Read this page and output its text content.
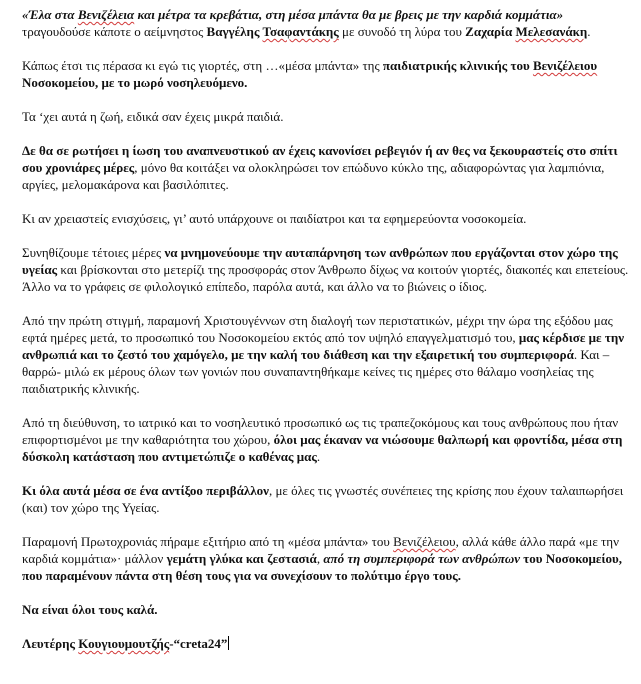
«Έλα στα Βενιζέλεια και μέτρα τα κρεβάτια, στη μέσα μπάντα θα με βρεις με την καρδιά κομμάτια» τραγουδούσε κάποτε ο αείμνηστος Βαγγέλης Τσαφαντάκης με συνοδό τη λύρα του Ζαχαρία Μελεσανάκη.

Κάπως έτσι τις πέρασα κι εγώ τις γιορτές, στη …«μέσα μπάντα» της παιδιατρικής κλινικής του Βενιζέλειου Νοσοκομείου, με το μωρό νοσηλευόμενο.

Τα ‘χει αυτά η ζωή, ειδικά σαν έχεις μικρά παιδιά.

Δε θα σε ρωτήσει η ίωση του αναπνευστικού αν έχεις κανονίσει ρεβεγιόν ή αν θες να ξεκουραστείς στο σπίτι σου χρονιάρες μέρες, μόνο θα κοιτάξει να ολοκληρώσει τον επώδυνο κύκλο της, αδιαφορώντας για λαμπιόνια, αργίες, μελομακάρονα και βασιλόπιτες.

Κι αν χρειαστείς ενισχύσεις, γι’ αυτό υπάρχουνε οι παιδίατροι και τα εφημερεύοντα νοσοκομεία.

Συνηθίζουμε τέτοιες μέρες να μνημονεύουμε την αυταπάρνηση των ανθρώπων που εργάζονται στον χώρο της υγείας και βρίσκονται στο μετερίζι της προσφοράς στον Άνθρωπο δίχως να κοιτούν γιορτές, διακοπές και επετείους. Άλλο να το γράφεις σε φιλολογικό επίπεδο, παρόλα αυτά, και άλλο να το βιώνεις ο ίδιος.

Από την πρώτη στιγμή, παραμονή Χριστουγέννων στη διαλογή των περιστατικών, μέχρι την ώρα της εξόδου μας εφτά ημέρες μετά, το προσωπικό του Νοσοκομείου εκτός από τον υψηλό επαγγελματισμό του, μας κέρδισε με την ανθρωπιά και το ζεστό του χαμόγελο, με την καλή του διάθεση και την εξαιρετική του συμπεριφορά. Και –θαρρώ- μιλώ εκ μέρους όλων των γονιών που συναπαντηθήκαμε κείνες τις ημέρες στο θάλαμο νοσηλείας της παιδιατρικής κλινικής.

Από τη διεύθυνση, το ιατρικό και το νοσηλευτικό προσωπικό ως τις τραπεζοκόμους και τους ανθρώπους που ήταν επιφορτισμένοι με την καθαριότητα του χώρου, όλοι μας έκαναν να νιώσουμε θαλπωρή και φροντίδα, μέσα στη δύσκολη κατάσταση που αντιμετώπιζε ο καθένας μας.

Κι όλα αυτά μέσα σε ένα αντίξοο περιβάλλον, με όλες τις γνωστές συνέπειες της κρίσης που έχουν ταλαιπωρήσει (και) τον χώρο της Υγείας.

Παραμονή Πρωτοχρονιάς πήραμε εξιτήριο από τη «μέσα μπάντα» του Βενιζέλειου, αλλά κάθε άλλο παρά «με την καρδιά κομμάτια»· μάλλον γεμάτη γλύκα και ζεστασιά, από τη συμπεριφορά των ανθρώπων του Νοσοκομείου, που παραμένουν πάντα στη θέση τους για να συνεχίσουν το πολύτιμο έργο τους.

Να είναι όλοι τους καλά.

Λευτέρης Κουγιουμουτζής-“creta24”
